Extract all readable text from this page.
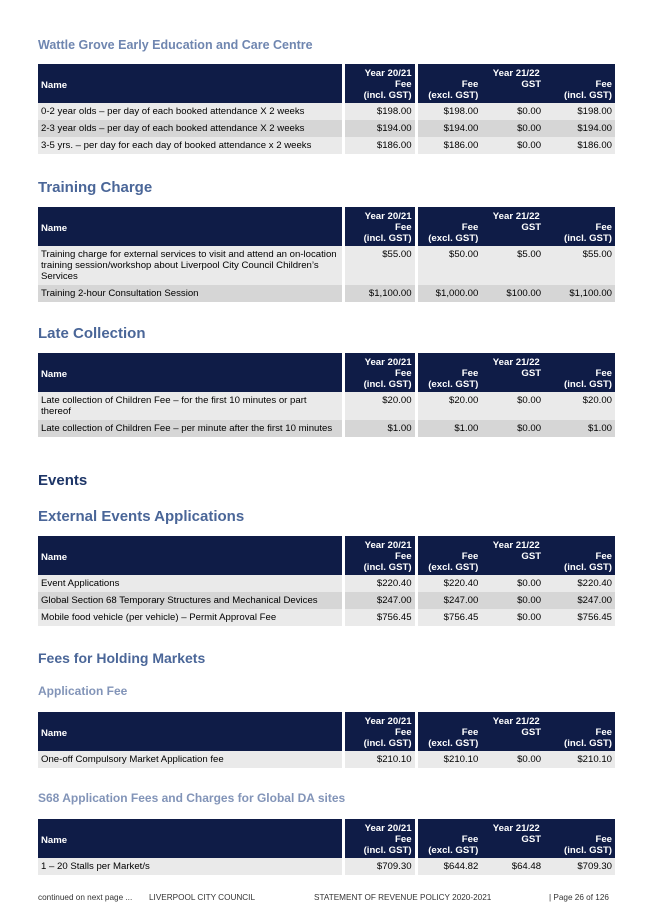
Wattle Grove Early Education and Care Centre
Name	Year 20/21	Year 21/22		
	Fee	Fee	GST	Fee
	(incl. GST)	(excl. GST)		(incl. GST)
0-2 year olds – per day of each booked attendance X 2 weeks	$198.00	$198.00	$0.00	$198.00
2-3 year olds – per day of each booked attendance X 2 weeks	$194.00	$194.00	$0.00	$194.00
3-5 yrs. – per day for each day of booked attendance x 2 weeks	$186.00	$186.00	$0.00	$186.00
Training Charge
Name	Year 20/21	Year 21/22		
	Fee	Fee	GST	Fee
	(incl. GST)	(excl. GST)		(incl. GST)
Training charge for external services to visit and attend an on-location training session/workshop about Liverpool City Council Children’s Services	$55.00	$50.00	$5.00	$55.00
Training 2-hour Consultation Session	$1,100.00	$1,000.00	$100.00	$1,100.00
Late Collection
Name	Year 20/21	Year 21/22		
	Fee	Fee	GST	Fee
	(incl. GST)	(excl. GST)		(incl. GST)
Late collection of Children Fee – for the first 10 minutes or part thereof	$20.00	$20.00	$0.00	$20.00
Late collection of Children Fee – per minute after the first 10 minutes	$1.00	$1.00	$0.00	$1.00
Events
External Events Applications
Name	Year 20/21	Year 21/22		
	Fee	Fee	GST	Fee
	(incl. GST)	(excl. GST)		(incl. GST)
Event Applications	$220.40	$220.40	$0.00	$220.40
Global Section 68 Temporary Structures and Mechanical Devices	$247.00	$247.00	$0.00	$247.00
Mobile food vehicle (per vehicle) – Permit Approval Fee	$756.45	$756.45	$0.00	$756.45
Fees for Holding Markets
Application Fee
Name	Year 20/21	Year 21/22		
	Fee	Fee	GST	Fee
	(incl. GST)	(excl. GST)		(incl. GST)
One-off Compulsory Market Application fee	$210.10	$210.10	$0.00	$210.10
S68 Application Fees and Charges for Global DA sites
Name	Year 20/21	Year 21/22		
	Fee	Fee	GST	Fee
	(incl. GST)	(excl. GST)		(incl. GST)
1 – 20 Stalls per Market/s	$709.30	$644.82	$64.48	$709.30
continued on next page ... LIVERPOOL CITY COUNCIL	STATEMENT OF REVENUE POLICY 2020-2021	| Page 26 of 126
